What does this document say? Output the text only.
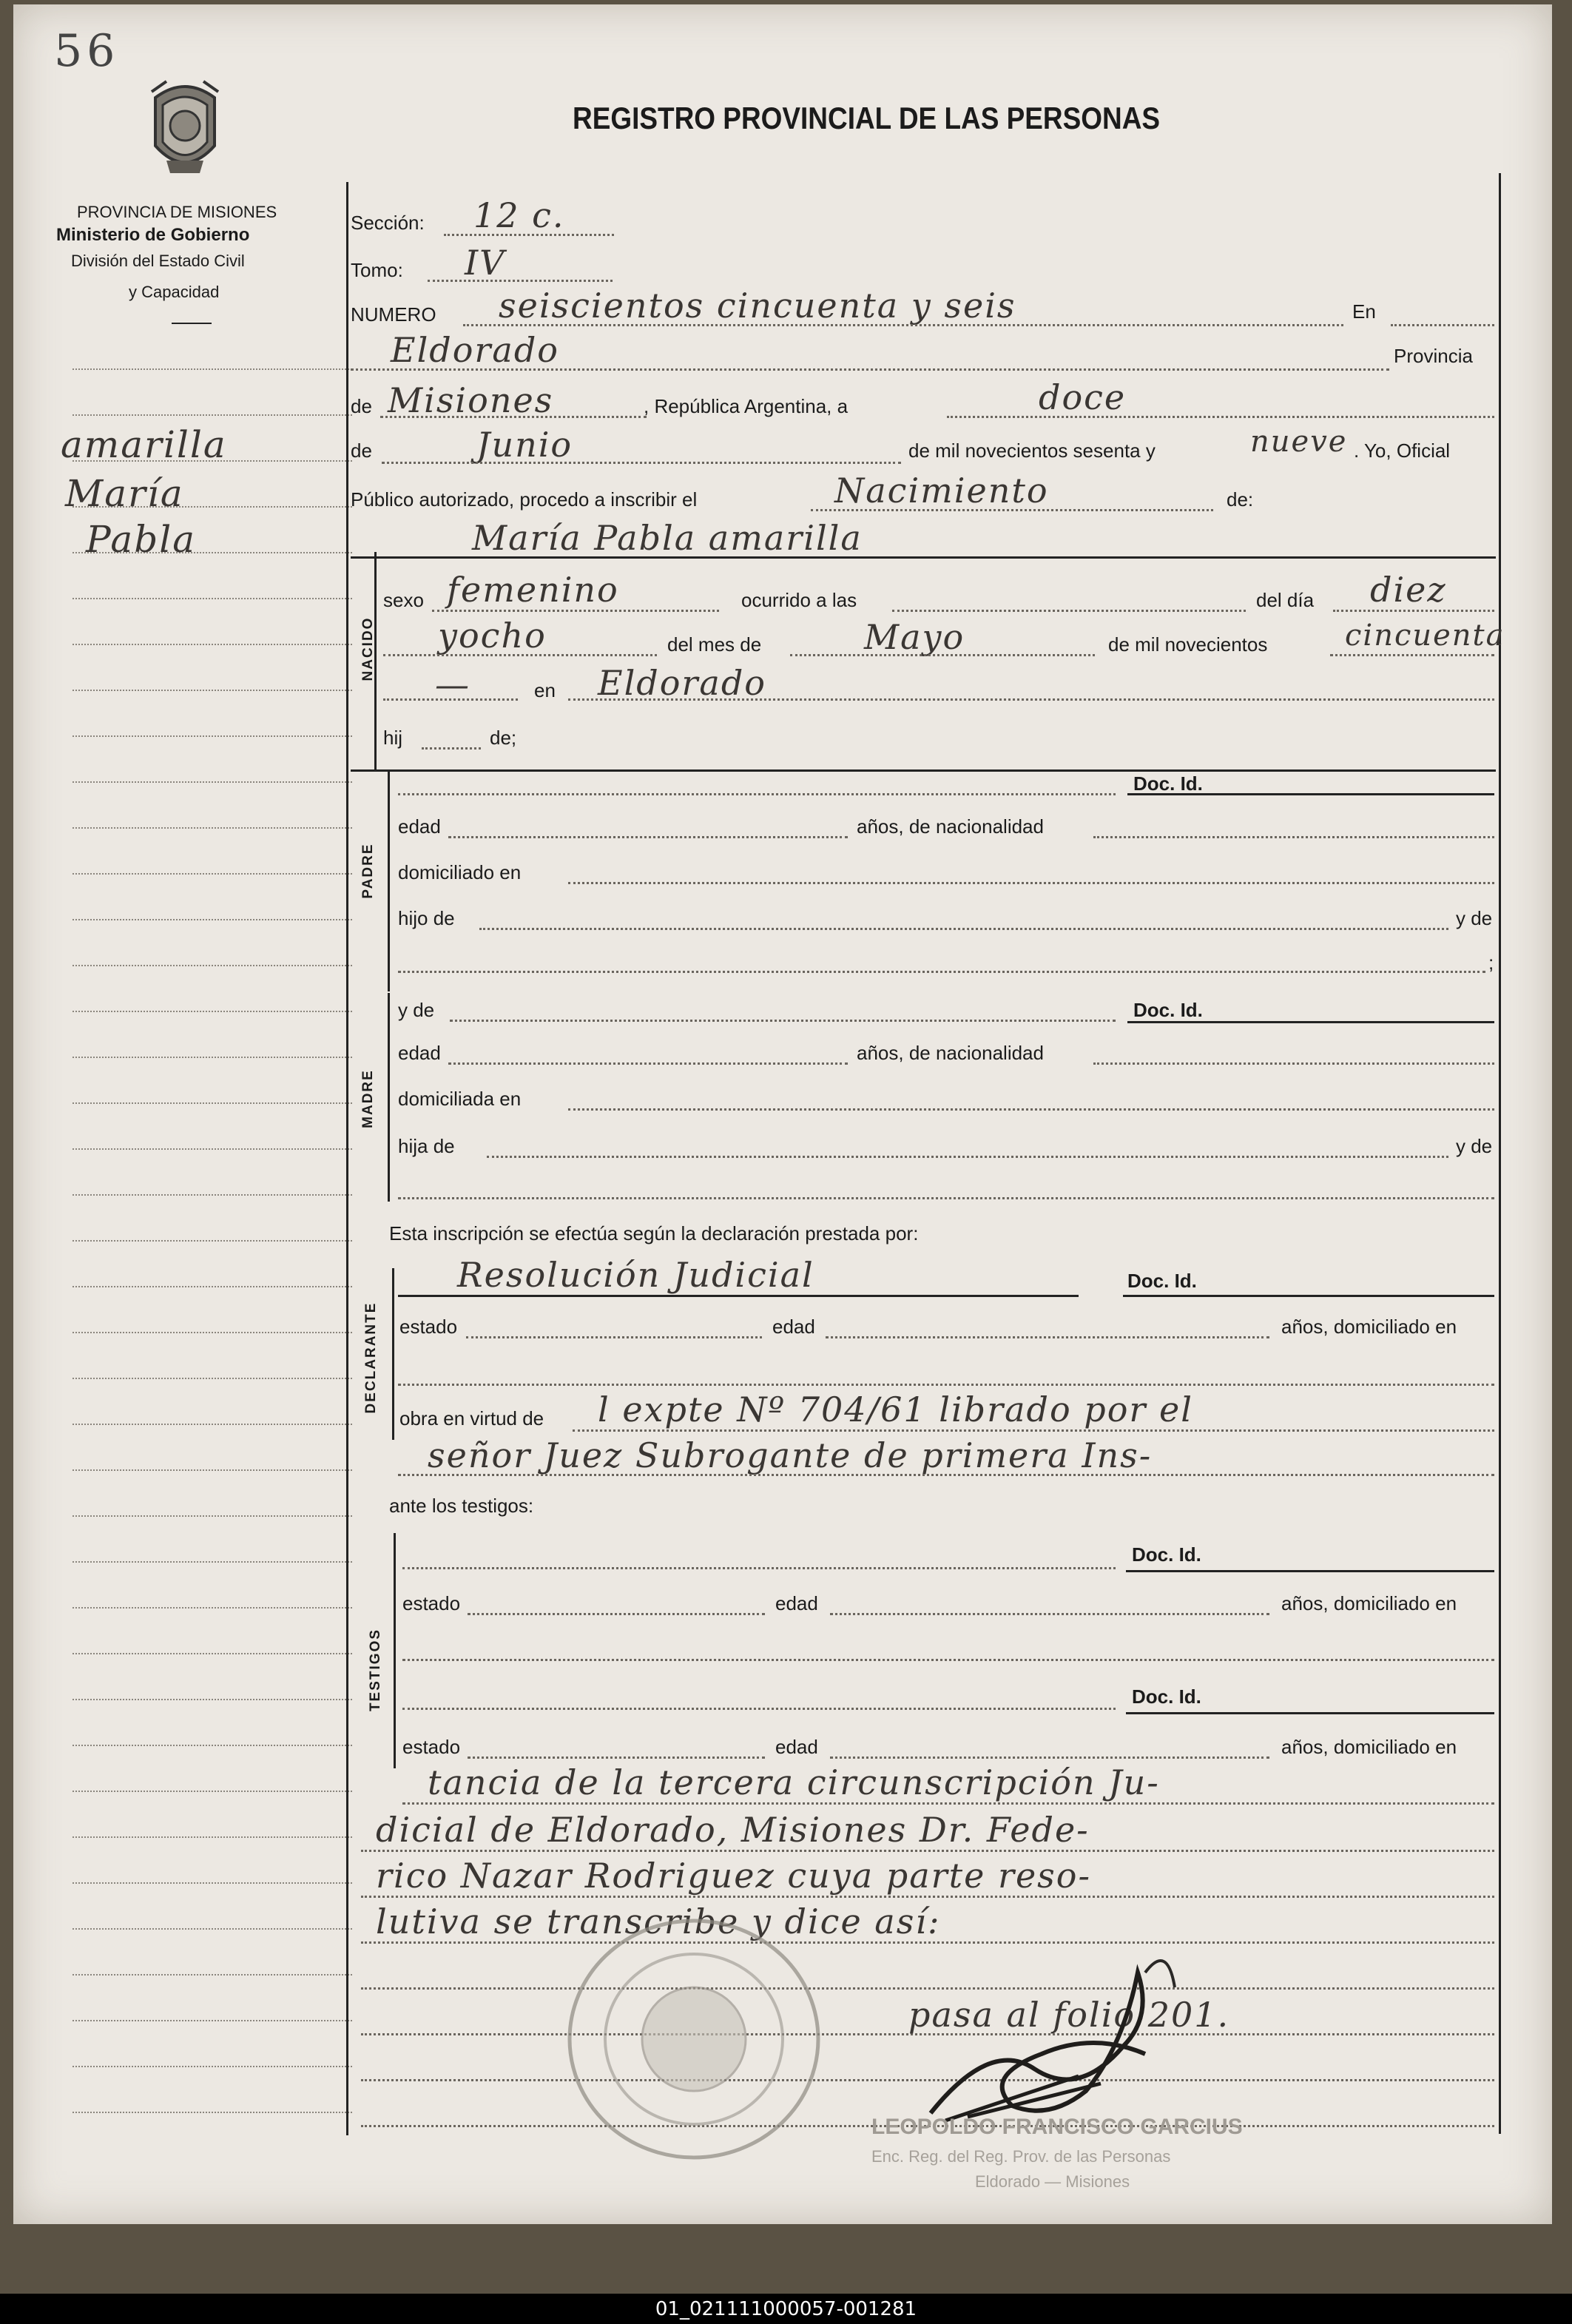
56
REGISTRO PROVINCIAL DE LAS PERSONAS
PROVINCIA DE MISIONES
Ministerio de Gobierno
División del Estado Civil
y Capacidad
amarilla
María
Pabla
Sección: 12 c.
Tomo: IV
NUMERO seiscientos cincuenta y seis	En
Eldorado	Provincia
de Misiones	, República Argentina, a	doce
de	Junio	de mil novecientos sesenta y	nueve . Yo, Oficial
Público autorizado, procedo a inscribir el	Nacimiento	de:
María Pabla amarilla
NACIDO
sexo femenino	ocurrido a las	del día diez
yocho	del mes de	Mayo	de mil novecientos	cincuenta
—	en Eldorado
hij	de;
PADRE
Doc. Id.
edad	años, de nacionalidad
domiciliado en
hijo de	y de
;
MADRE
y de	Doc. Id.
edad	años, de nacionalidad
domiciliada en
hija de	y de
Esta inscripción se efectúa según la declaración prestada por:
DECLARANTE
Resolución Judicial	Doc. Id.
estado	edad	años, domiciliado en
obra en virtud de l expte Nº 704/61 librado por el
señor Juez Subrogante de primera Ins-
ante los testigos:
TESTIGOS
Doc. Id.
estado	edad	años, domiciliado en
Doc. Id.
estado	edad	años, domiciliado en
tancia de la tercera circunscripción Ju-
dicial de Eldorado, Misiones Dr. Fede-
rico Nazar Rodriguez cuya parte reso-
lutiva se transcribe y dice así:
pasa al folio 201.
LEOPOLDO FRANCISCO GARCIUS
Enc. Reg. del Reg. Prov. de las Personas
Eldorado — Misiones
01_021111000057-001281
